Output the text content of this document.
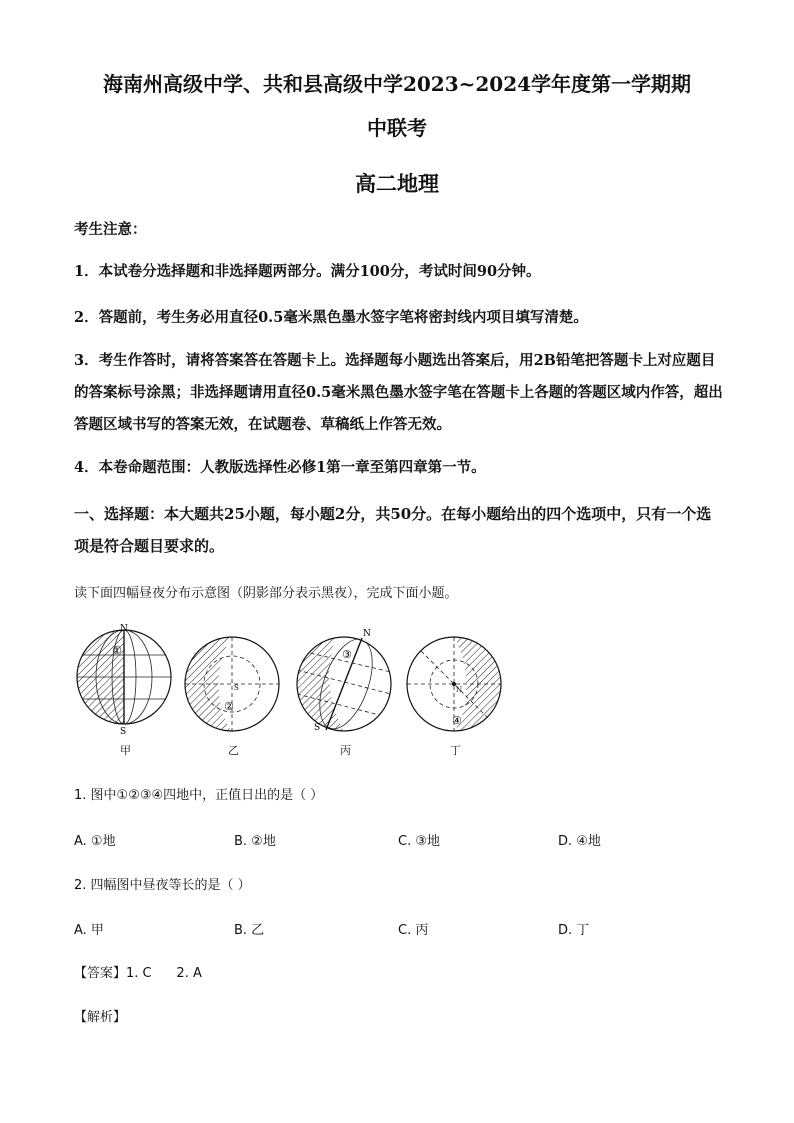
海南州高级中学、共和县高级中学2023~2024学年度第一学期期
中联考
高二地理
考生注意：
1．本试卷分选择题和非选择题两部分。满分100分，考试时间90分钟。
2．答题前，考生务必用直径0.5毫米黑色墨水签字笔将密封线内项目填写清楚。
3．考生作答时，请将答案答在答题卡上。选择题每小题选出答案后，用2B铅笔把答题卡上对应题目的答案标号涂黑；非选择题请用直径0.5毫米黑色墨水签字笔在答题卡上各题的答题区域内作答，超出答题区域书写的答案无效，在试题卷、草稿纸上作答无效。
4．本卷命题范围：人教版选择性必修1第一章至第四章第一节。
一、选择题：本大题共25小题，每小题2分，共50分。在每小题给出的四个选项中，只有一个选项是符合题目要求的。
读下面四幅昼夜分布示意图（阴影部分表示黑夜），完成下面小题。
N
S
N
S
S	N
①
②
③
④
甲	乙	丙	丁
1. 图中①②③④四地中，正值日出的是（ ）
A. ①地	B. ②地	C. ③地	D. ④地
2. 四幅图中昼夜等长的是（ ）
A. 甲	B. 乙	C. 丙	D. 丁
【答案】1. C      2. A
【解析】
